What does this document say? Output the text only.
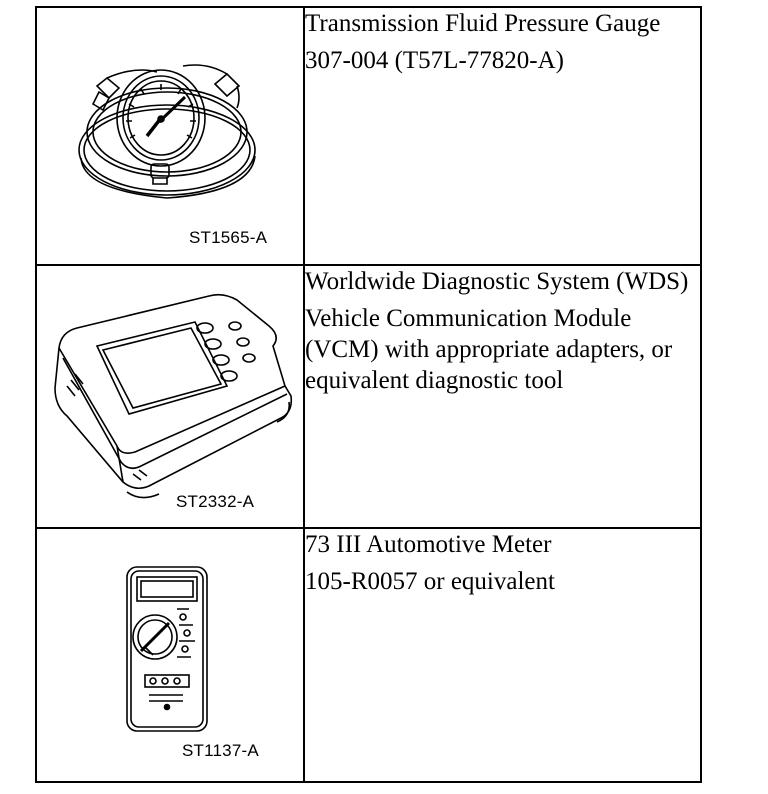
ST1565-A	Transmission Fluid Pressure Gauge

307-004 (T57L-77820-A)

ST2332-A	Worldwide Diagnostic System (WDS)

Vehicle Communication Module (VCM) with appropriate adapters, or equivalent diagnostic tool

ST1137-A	73 III Automotive Meter

105-R0057 or equivalent
